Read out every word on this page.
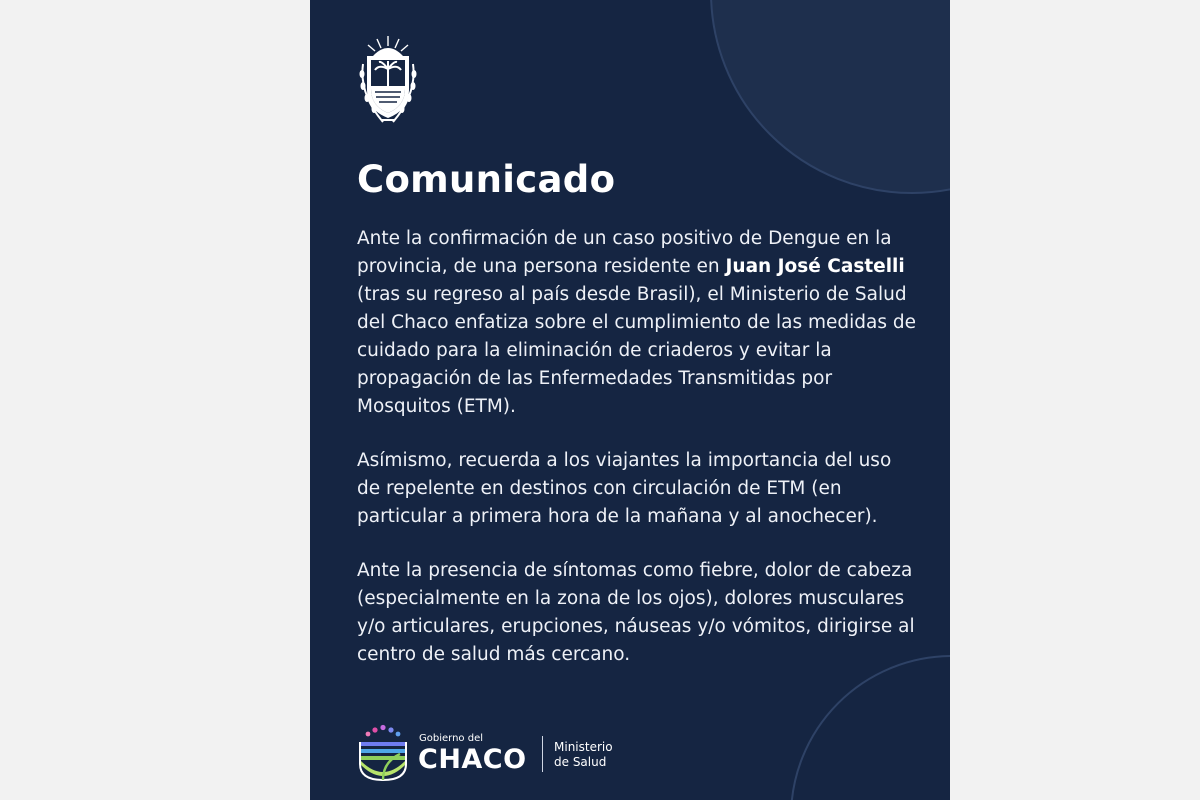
Comunicado

Ante la confirmación de un caso positivo de Dengue en la provincia, de una persona residente en Juan José Castelli (tras su regreso al país desde Brasil), el Ministerio de Salud del Chaco enfatiza sobre el cumplimiento de las medidas de cuidado para la eliminación de criaderos y evitar la propagación de las Enfermedades Transmitidas por Mosquitos (ETM).

Asímismo, recuerda a los viajantes la importancia del uso de repelente en destinos con circulación de ETM (en particular a primera hora de la mañana y al anochecer).

Ante la presencia de síntomas como fiebre, dolor de cabeza (especialmente en la zona de los ojos), dolores musculares y/o articulares, erupciones, náuseas y/o vómitos, dirigirse al centro de salud más cercano.

Gobierno del
CHACO Ministerio
de Salud
